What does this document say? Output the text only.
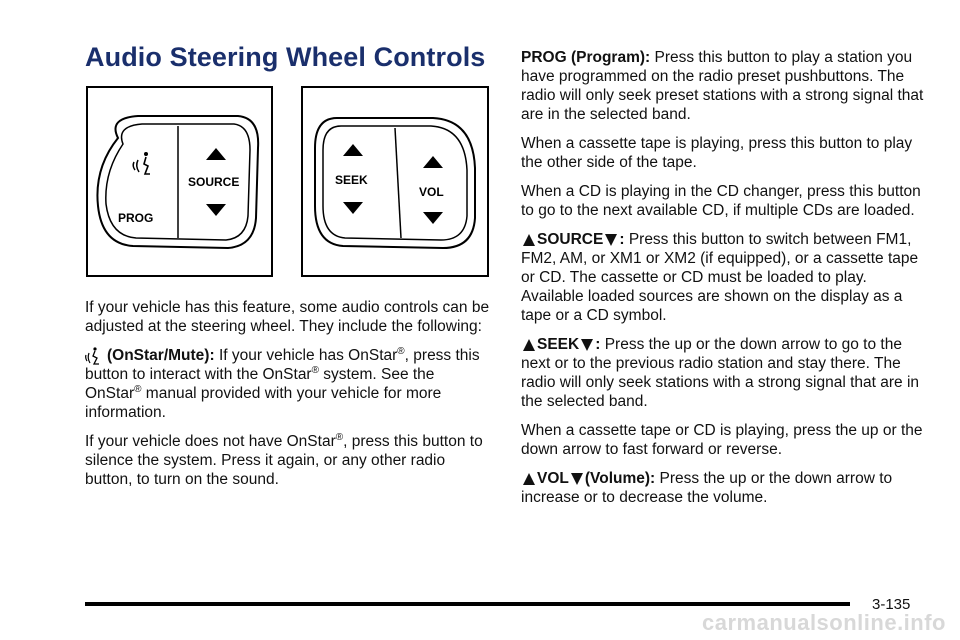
Audio Steering Wheel Controls
SOURCE
PROG
SEEK
VOL

If your vehicle has this feature, some audio controls can be adjusted at the steering wheel. They include the following:

(OnStar/Mute): If your vehicle has OnStar®, press this button to interact with the OnStar® system. See the OnStar® manual provided with your vehicle for more information.

If your vehicle does not have OnStar®, press this button to silence the system. Press it again, or any other radio button, to turn on the sound.

PROG (Program): Press this button to play a station you have programmed on the radio preset pushbuttons. The radio will only seek preset stations with a strong signal that are in the selected band.

When a cassette tape is playing, press this button to play the other side of the tape.

When a CD is playing in the CD changer, press this button to go to the next available CD, if multiple CDs are loaded.

SOURCE : Press this button to switch between FM1, FM2, AM, or XM1 or XM2 (if equipped), or a cassette tape or CD. The cassette or CD must be loaded to play. Available loaded sources are shown on the display as a tape or a CD symbol.

SEEK : Press the up or the down arrow to go to the next or to the previous radio station and stay there. The radio will only seek stations with a strong signal that are in the selected band.

When a cassette tape or CD is playing, press the up or the down arrow to fast forward or reverse.

VOL (Volume): Press the up or the down arrow to increase or to decrease the volume.

3-135
carmanualsonline.info
